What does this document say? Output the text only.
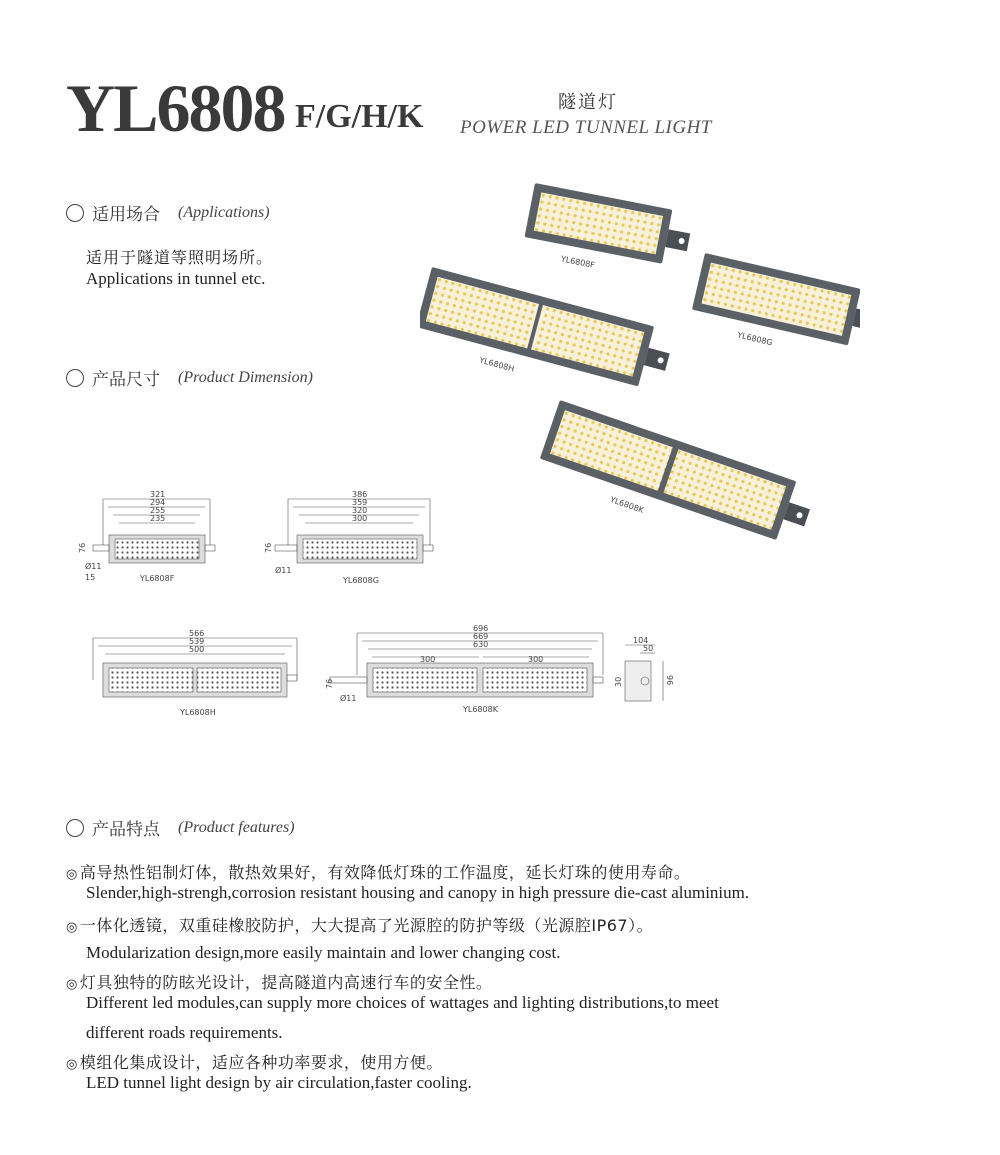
YL6808 F/G/H/K	隧道灯
POWER LED TUNNEL LIGHT
适用场合 (Applications)
适用于隧道等照明场所。
Applications in tunnel etc.
产品尺寸 (Product Dimension)
YL6808F
YL6808H
YL6808G
YL6808K
321
294
255
235
76
Ø11
15	YL6808F
386
359
320
300
76
Ø11
YL6808G
566
539
500
YL6808H
696
669
630
300	300
76
Ø11
YL6808K
104
50
30	96
产品特点 (Product features)
◎ 高导热性铝制灯体，散热效果好，有效降低灯珠的工作温度，延长灯珠的使用寿命。
Slender,high-strengh,corrosion resistant housing and canopy in high pressure die-cast aluminium.
◎ 一体化透镜，双重硅橡胶防护，大大提高了光源腔的防护等级（光源腔IP67）。
Modularization design,more easily maintain and lower changing cost.
◎ 灯具独特的防眩光设计，提高隧道内高速行车的安全性。
Different led modules,can supply more choices of wattages and lighting distributions,to meet
different roads requirements.
◎ 模组化集成设计，适应各种功率要求，使用方便。
LED tunnel light design by air circulation,faster cooling.
